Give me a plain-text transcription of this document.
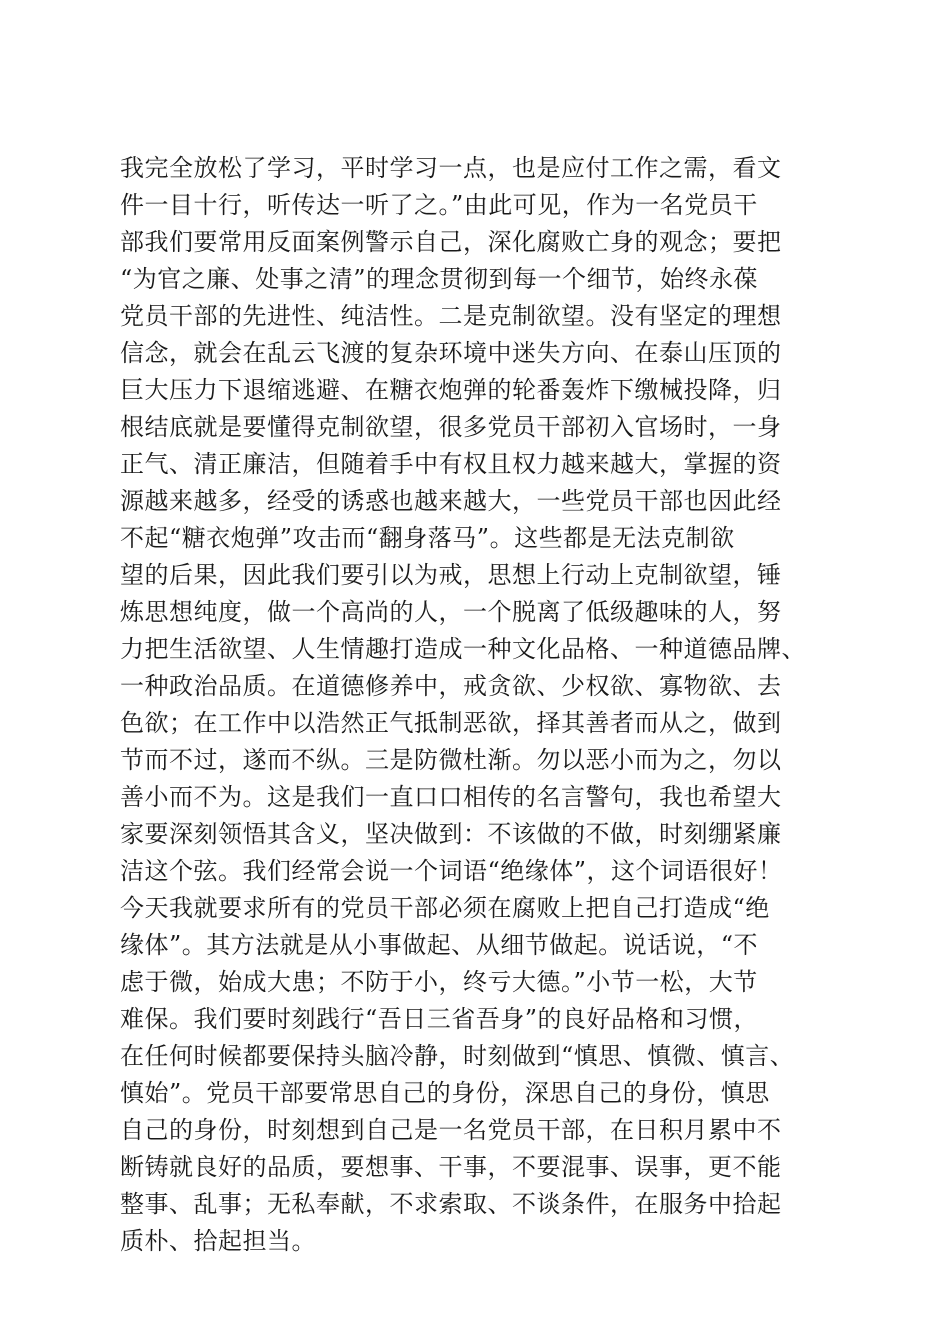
我完全放松了学习，平时学习一点，也是应付工作之需，看文
件一目十行，听传达一听了之。”由此可见，作为一名党员干
部我们要常用反面案例警示自己，深化腐败亡身的观念；要把
“为官之廉、处事之清”的理念贯彻到每一个细节，始终永葆
党员干部的先进性、纯洁性。二是克制欲望。没有坚定的理想
信念，就会在乱云飞渡的复杂环境中迷失方向、在泰山压顶的
巨大压力下退缩逃避、在糖衣炮弹的轮番轰炸下缴械投降，归
根结底就是要懂得克制欲望，很多党员干部初入官场时，一身
正气、清正廉洁，但随着手中有权且权力越来越大，掌握的资
源越来越多，经受的诱惑也越来越大，一些党员干部也因此经
不起“糖衣炮弹”攻击而“翻身落马”。这些都是无法克制欲
望的后果，因此我们要引以为戒，思想上行动上克制欲望，锤
炼思想纯度，做一个高尚的人，一个脱离了低级趣味的人，努
力把生活欲望、人生情趣打造成一种文化品格、一种道德品牌、
一种政治品质。在道德修养中，戒贪欲、少权欲、寡物欲、去
色欲；在工作中以浩然正气抵制恶欲，择其善者而从之，做到
节而不过，遂而不纵。三是防微杜渐。勿以恶小而为之，勿以
善小而不为。这是我们一直口口相传的名言警句，我也希望大
家要深刻领悟其含义，坚决做到：不该做的不做，时刻绷紧廉
洁这个弦。我们经常会说一个词语“绝缘体”，这个词语很好！
今天我就要求所有的党员干部必须在腐败上把自己打造成“绝
缘体”。其方法就是从小事做起、从细节做起。说话说，“不
虑于微，始成大患；不防于小，终亏大德。”小节一松，大节
难保。我们要时刻践行“吾日三省吾身”的良好品格和习惯，
在任何时候都要保持头脑冷静，时刻做到“慎思、慎微、慎言、
慎始”。党员干部要常思自己的身份，深思自己的身份，慎思
自己的身份，时刻想到自己是一名党员干部，在日积月累中不
断铸就良好的品质，要想事、干事，不要混事、误事，更不能
整事、乱事；无私奉献，不求索取、不谈条件，在服务中拾起
质朴、拾起担当。
